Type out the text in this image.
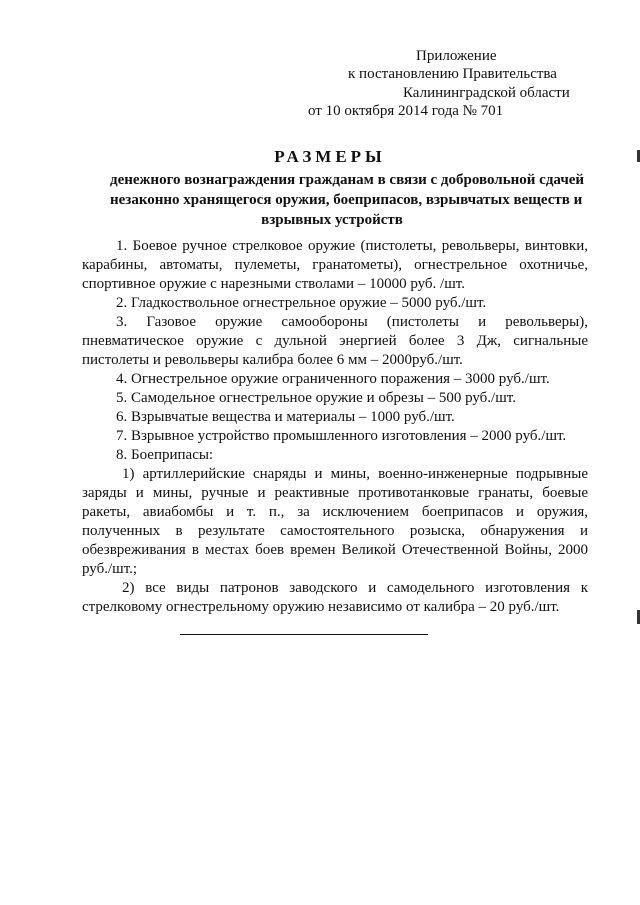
Приложение
к постановлению Правительства
Калининградской области
от 10 октября 2014 года № 701
РАЗМЕРЫ
денежного вознаграждения гражданам в связи с добровольной сдачей
незаконно хранящегося оружия, боеприпасов, взрывчатых веществ и
взрывных устройств
1. Боевое ручное стрелковое оружие (пистолеты, револьверы, винтовки,
карабины, автоматы, пулеметы, гранатометы), огнестрельное охотничье,
спортивное оружие с нарезными стволами – 10000 руб. /шт.
2. Гладкоствольное огнестрельное оружие – 5000 руб./шт.
3. Газовое оружие самообороны (пистолеты и револьверы),
пневматическое оружие с дульной энергией более 3 Дж, сигнальные
пистолеты и револьверы калибра более 6 мм – 2000руб./шт.
4. Огнестрельное оружие ограниченного поражения – 3000 руб./шт.
5. Самодельное огнестрельное оружие и обрезы – 500 руб./шт.
6. Взрывчатые вещества и материалы – 1000 руб./шт.
7. Взрывное устройство промышленного изготовления – 2000 руб./шт.
8. Боеприпасы:
1) артиллерийские снаряды и мины, военно-инженерные подрывные
заряды и мины, ручные и реактивные противотанковые гранаты, боевые
ракеты, авиабомбы и т. п., за исключением боеприпасов и оружия,
полученных в результате самостоятельного розыска, обнаружения и
обезвреживания в местах боев времен Великой Отечественной Войны, 2000
руб./шт.;
2) все виды патронов заводского и самодельного изготовления к
стрелковому огнестрельному оружию независимо от калибра – 20 руб./шт.
